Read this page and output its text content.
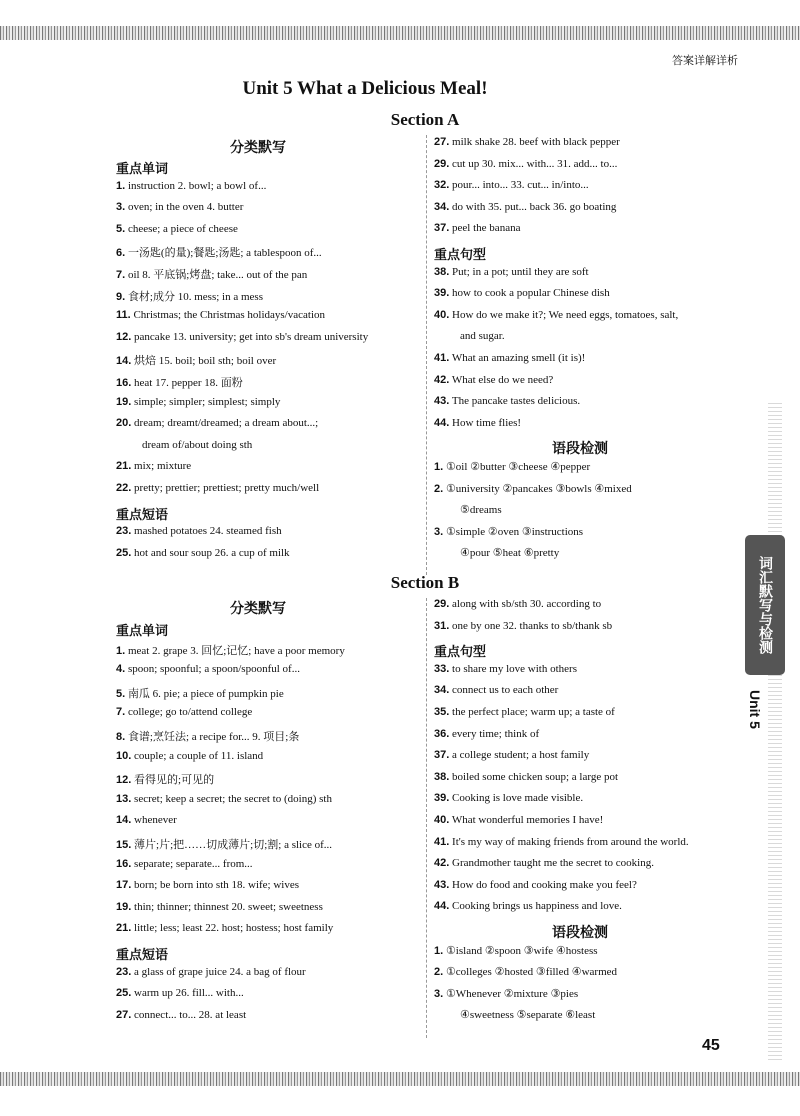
答案详解详析
Unit 5 What a Delicious Meal!
Section A
分类默写
重点单词
1. instruction 2. bowl; a bowl of...
3. oven; in the oven 4. butter
5. cheese; a piece of cheese
6. 一汤匙(的量);餐匙;汤匙; a tablespoon of...
7. oil 8. 平底锅;烤盘; take... out of the pan
9. 食材;成分 10. mess; in a mess
11. Christmas; the Christmas holidays/vacation
12. pancake 13. university; get into sb's dream university
14. 烘焙 15. boil; boil sth; boil over
16. heat 17. pepper 18. 面粉
19. simple; simpler; simplest; simply
20. dream; dreamt/dreamed; a dream about...;
dream of/about doing sth
21. mix; mixture
22. pretty; prettier; prettiest; pretty much/well
重点短语
23. mashed potatoes 24. steamed fish
25. hot and sour soup 26. a cup of milk
27. milk shake 28. beef with black pepper
29. cut up 30. mix... with... 31. add... to...
32. pour... into... 33. cut... in/into...
34. do with 35. put... back 36. go boating
37. peel the banana
重点句型
38. Put; in a pot; until they are soft
39. how to cook a popular Chinese dish
40. How do we make it?; We need eggs, tomatoes, salt,
and sugar.
41. What an amazing smell (it is)!
42. What else do we need?
43. The pancake tastes delicious.
44. How time flies!
语段检测
1. ①oil ②butter ③cheese ④pepper
2. ①university ②pancakes ③bowls ④mixed
⑤dreams
3. ①simple ②oven ③instructions
④pour ⑤heat ⑥pretty
Section B
分类默写
重点单词
1. meat 2. grape 3. 回忆;记忆; have a poor memory
4. spoon; spoonful; a spoon/spoonful of...
5. 南瓜 6. pie; a piece of pumpkin pie
7. college; go to/attend college
8. 食谱;烹饪法; a recipe for... 9. 项目;条
10. couple; a couple of 11. island
12. 看得见的;可见的
13. secret; keep a secret; the secret to (doing) sth
14. whenever
15. 薄片;片;把……切成薄片;切;割; a slice of...
16. separate; separate... from...
17. born; be born into sth 18. wife; wives
19. thin; thinner; thinnest 20. sweet; sweetness
21. little; less; least 22. host; hostess; host family
重点短语
23. a glass of grape juice 24. a bag of flour
25. warm up 26. fill... with...
27. connect... to... 28. at least
29. along with sb/sth 30. according to
31. one by one 32. thanks to sb/thank sb
重点句型
33. to share my love with others
34. connect us to each other
35. the perfect place; warm up; a taste of
36. every time; think of
37. a college student; a host family
38. boiled some chicken soup; a large pot
39. Cooking is love made visible.
40. What wonderful memories I have!
41. It's my way of making friends from around the world.
42. Grandmother taught me the secret to cooking.
43. How do food and cooking make you feel?
44. Cooking brings us happiness and love.
语段检测
1. ①island ②spoon ③wife ④hostess
2. ①colleges ②hosted ③filled ④warmed
3. ①Whenever ②mixture ③pies
④sweetness ⑤separate ⑥least
词汇默写与检测
Unit 5
45
